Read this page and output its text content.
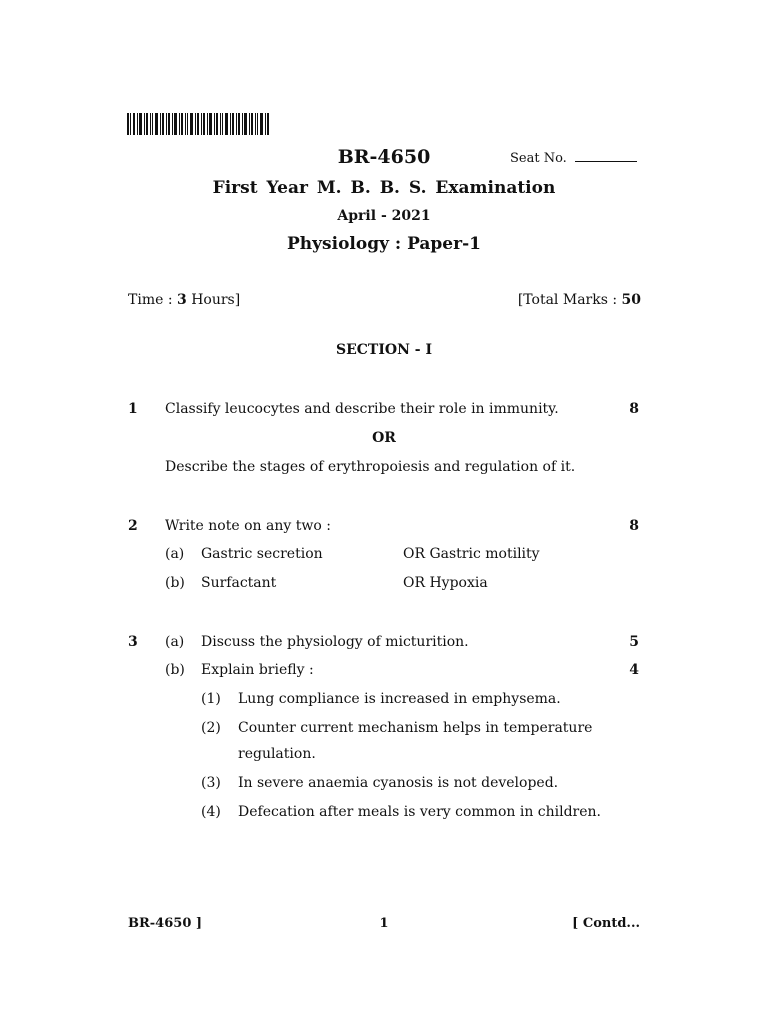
BR-4650	Seat No.
First Year M. B. B. S. Examination
April - 2021
Physiology : Paper-1
Time : 3 Hours]	[Total Marks : 50
SECTION - I
1 Classify leucocytes and describe their role in immunity.	8
OR
Describe the stages of erythropoiesis and regulation of it.
2 Write note on any two :	8
(a) Gastric secretion	OR Gastric motility
(b) Surfactant	OR Hypoxia
3 (a) Discuss the physiology of micturition.	5
(b) Explain briefly :	4
(1) Lung compliance is increased in emphysema.
(2) Counter current mechanism helps in temperature
regulation.
(3) In severe anaemia cyanosis is not developed.
(4) Defecation after meals is very common in children.
BR-4650 ]	1	[ Contd...
